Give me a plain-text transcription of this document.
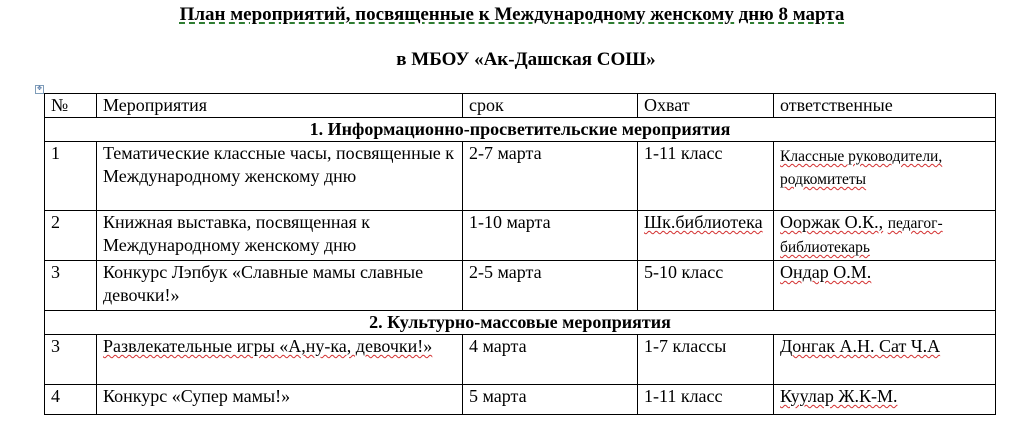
План мероприятий, посвященные к Международному женскому дню 8 марта
в МБОУ «Ак-Дашская СОШ»
✥
№	Мероприятия	срок	Охват	ответственные
1. Информационно-просветительские мероприятия				
1	Тематические классные часы, посвященные к Международному женскому дню	2-7 марта	1-11 класс	Классные руководители, родкомитеты
2	Книжная выставка, посвященная к Международному женскому дню	1-10 марта	Шк.библиотека	Ооржак О.К., педагог-библиотекарь
3	Конкурс Лэпбук «Славные мамы славные девочки!»	2-5 марта	5-10 класс	Ондар О.М.
2. Культурно-массовые мероприятия				
3	Развлекательные игры «А,ну-ка, девочки!»	4 марта	1-7 классы	Донгак А.Н. Сат Ч.А
4	Конкурс «Супер мамы!»	5 марта	1-11 класс	Куулар Ж.К-М.
